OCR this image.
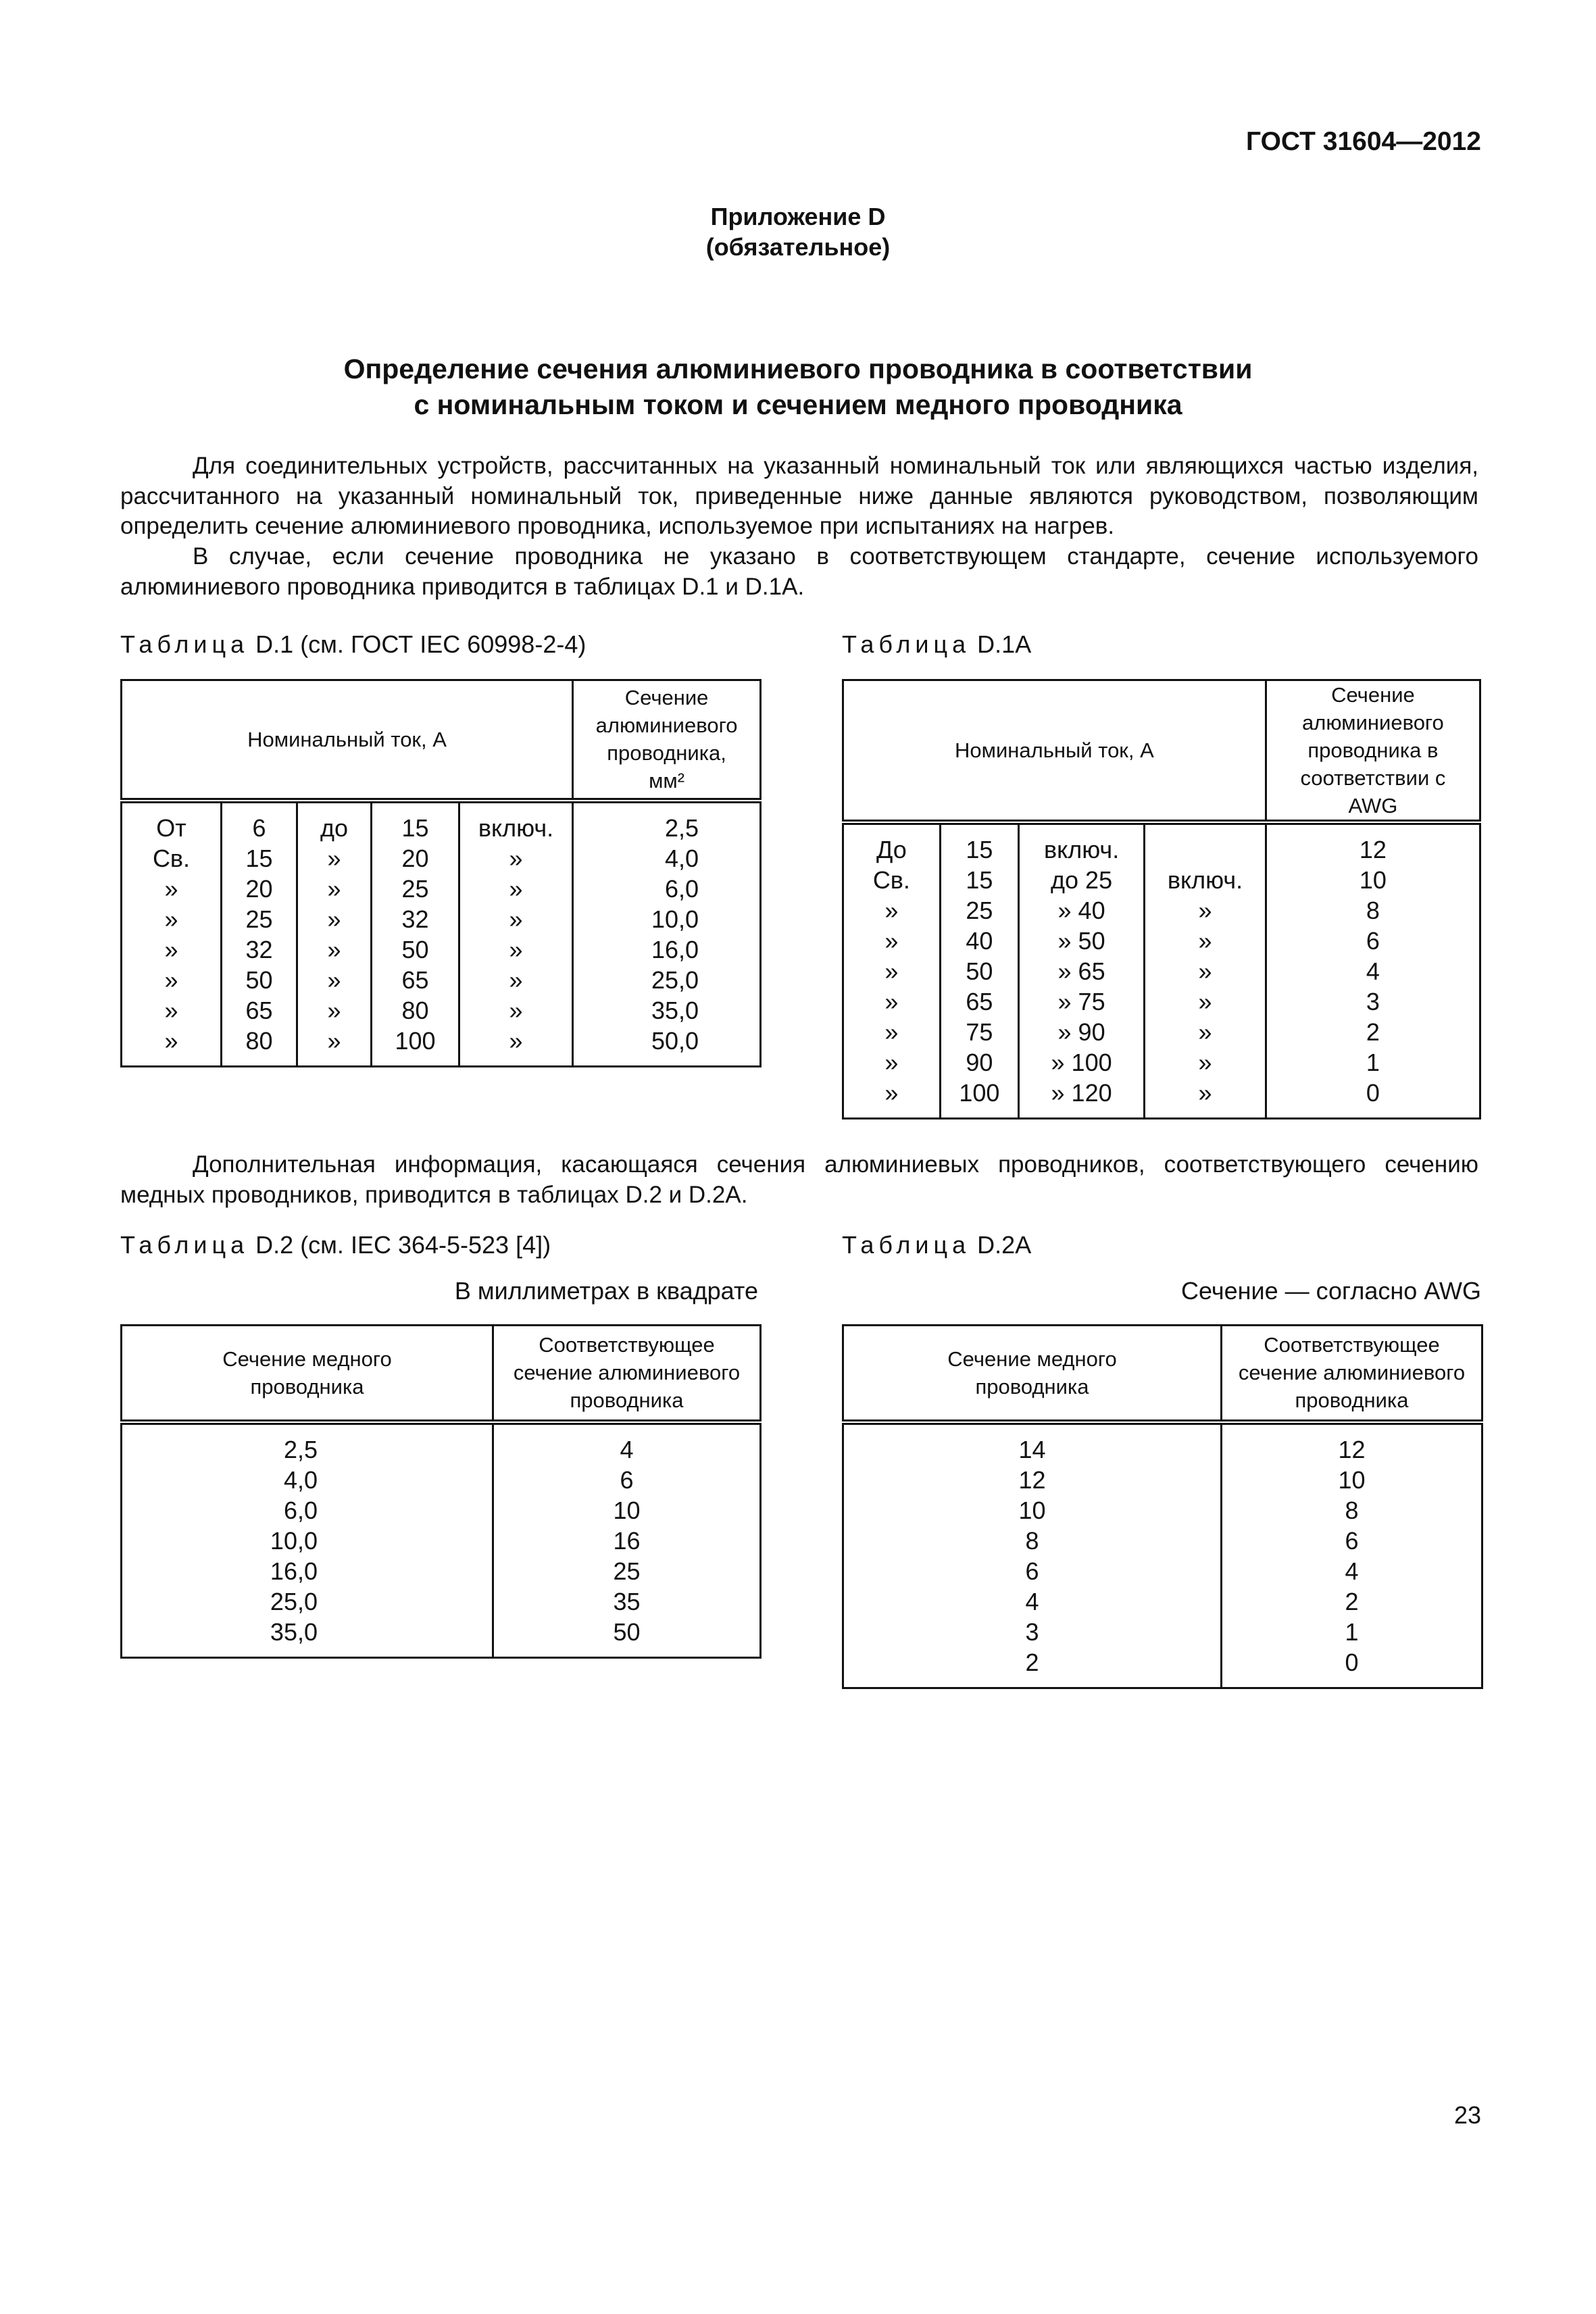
ГОСТ 31604—2012
Приложение D
(обязательное)
Определение сечения алюминиевого проводника в соответствии
с номинальным током и сечением медного проводника
Для соединительных устройств, рассчитанных на указанный номинальный ток или являющихся частью изделия, рассчитанного на указанный номинальный ток, приведенные ниже данные являются руководством, позволяющим определить сечение алюминиевого проводника, используемое при испытаниях на нагрев.
В случае, если сечение проводника не указано в соответствующем стандарте, сечение используемого алюминиевого проводника приводится в таблицах D.1 и D.1A.
Таблица D.1 (см. ГОСТ IEC 60998-2-4)	Таблица D.1A
Номинальный ток, А					Сечение алюминиевого проводника, мм²
От	6	до	15	включ.	2,5
Св.	15	»	20	»	4,0
»	20	»	25	»	6,0
»	25	»	32	»	10,0
»	32	»	50	»	16,0
»	50	»	65	»	25,0
»	65	»	80	»	35,0
»	80	»	100	»	50,0
Номинальный ток, А				Сечение алюминиевого проводника в соответствии с AWG
До	15	включ.		12
Св.	15	до 25	включ.	10
»	25	» 40	»	8
»	40	» 50	»	6
»	50	» 65	»	4
»	65	» 75	»	3
»	75	» 90	»	2
»	90	» 100	»	1
»	100	» 120	»	0
Дополнительная информация, касающаяся сечения алюминиевых проводников, соответствующего сечению медных проводников, приводится в таблицах D.2 и D.2A.
Таблица D.2 (см. IEC 364-5-523 [4])
В миллиметрах в квадрате
Таблица D.2A
Сечение — согласно AWG
Сечение медного проводника	Соответствующее сечение алюминиевого проводника
2,5	4
4,0	6
6,0	10
10,0	16
16,0	25
25,0	35
35,0	50
Сечение медного проводника	Соответствующее сечение алюминиевого проводника
14	12
12	10
10	8
8	6
6	4
4	2
3	1
2	0
23
